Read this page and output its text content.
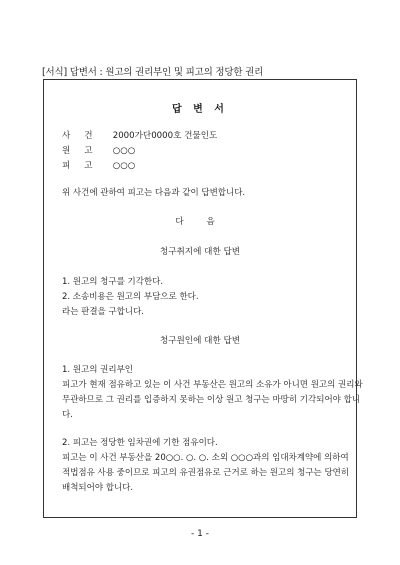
[서식] 답변서 : 원고의 권리부인 및 피고의 정당한 권리
답 변 서
사건 2000가단0000호 건물인도
원고 ○○○
피고 ○○○
위 사건에 관하여 피고는 다음과 같이 답변합니다.
다 음
청구취지에 대한 답변
1. 원고의 청구를 기각한다.
2. 소송비용은 원고의 부담으로 한다.
라는 판결을 구합니다.
청구원인에 대한 답변
1. 원고의 권리부인
피고가 현재 점유하고 있는 이 사건 부동산은 원고의 소유가 아니면 원고의 권리와
무관하므로 그 권리를 입증하지 못하는 이상 원고 청구는 마땅히 기각되어야 합니
다.
2. 피고는 정당한 임차권에 기한 점유이다.
피고는 이 사건 부동산을 20○○. ○. ○. 소외 ○○○과의 임대차계약에 의하여
적법점유 사용 중이므로 피고의 유권점유로 근거로 하는 원고의 청구는 당연히
배척되어야 합니다.
- 1 -
